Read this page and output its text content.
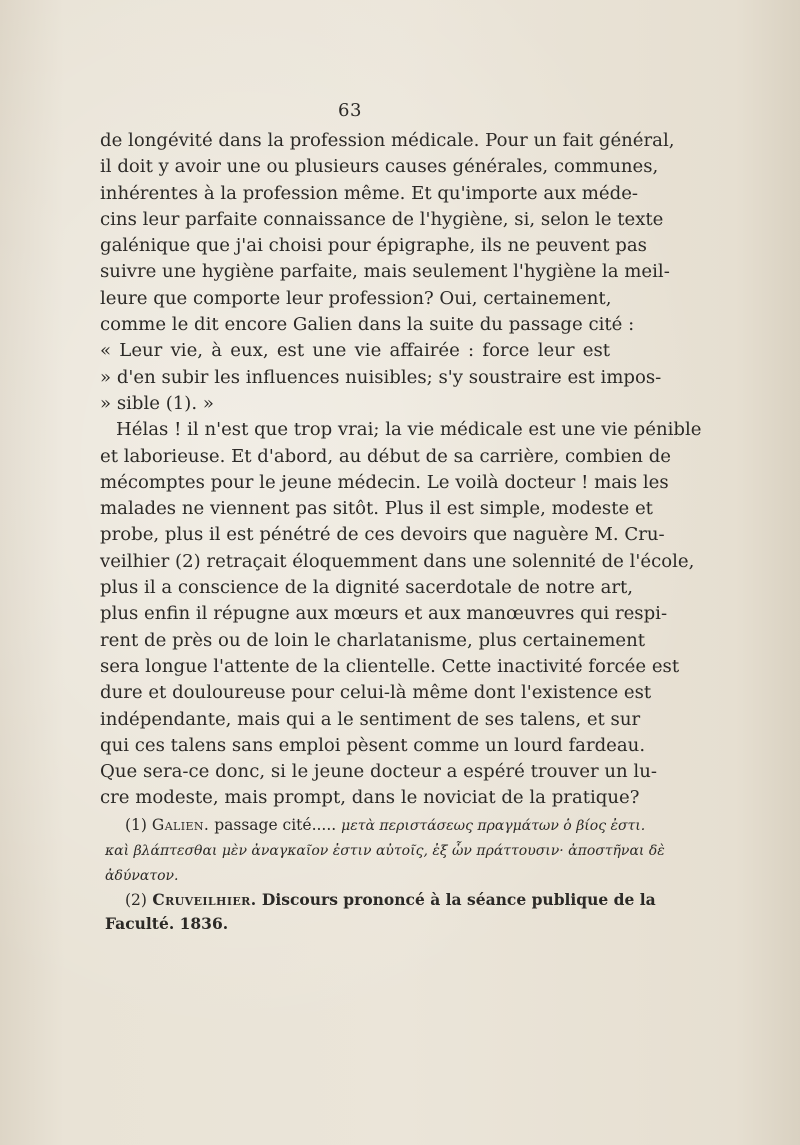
63
de longévité dans la profession médicale. Pour un fait général,
il doit y avoir une ou plusieurs causes générales, communes,
inhérentes à la profession même. Et qu'importe aux méde-
cins leur parfaite connaissance de l'hygiène, si, selon le texte
galénique que j'ai choisi pour épigraphe, ils ne peuvent pas
suivre une hygiène parfaite, mais seulement l'hygiène la meil-
leure que comporte leur profession? Oui, certainement,
comme le dit encore Galien dans la suite du passage cité :
« Leur vie, à eux, est une vie affairée : force leur est
» d'en subir les influences nuisibles; s'y soustraire est impos-
» sible (1). »
Hélas ! il n'est que trop vrai; la vie médicale est une vie pénible
et laborieuse. Et d'abord, au début de sa carrière, combien de
mécomptes pour le jeune médecin. Le voilà docteur ! mais les
malades ne viennent pas sitôt. Plus il est simple, modeste et
probe, plus il est pénétré de ces devoirs que naguère M. Cru-
veilhier (2) retraçait éloquemment dans une solennité de l'école,
plus il a conscience de la dignité sacerdotale de notre art,
plus enfin il répugne aux mœurs et aux manœuvres qui respi-
rent de près ou de loin le charlatanisme, plus certainement
sera longue l'attente de la clientelle. Cette inactivité forcée est
dure et douloureuse pour celui-là même dont l'existence est
indépendante, mais qui a le sentiment de ses talens, et sur
qui ces talens sans emploi pèsent comme un lourd fardeau.
Que sera-ce donc, si le jeune docteur a espéré trouver un lu-
cre modeste, mais prompt, dans le noviciat de la pratique?
(1) Galien. passage cité..... μετὰ περιστάσεως πραγμάτων ὁ βίος ἐστι.
καὶ βλάπτεσθαι μὲν ἀναγκαῖον ἐστιν αὐτοῖς, ἐξ ὧν πράττουσιν· ἀποστῆναι δὲ
ἀδύνατον.
(2) Cruveilhier. Discours prononcé à la séance publique de la
Faculté. 1836.
